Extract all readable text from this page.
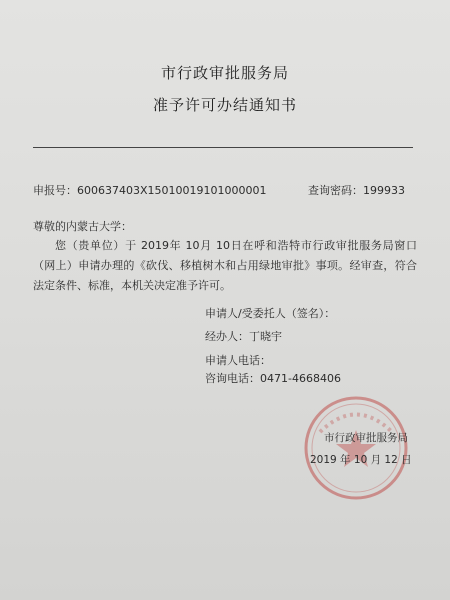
市行政审批服务局
准予许可办结通知书
申报号：600637403X15010019101000001	查询密码：199933
尊敬的内蒙古大学：
您（贵单位）于 2019年 10月 10日在呼和浩特市行政审批服务局窗口（网上）申请办理的《砍伐、移植树木和占用绿地审批》事项。经审查，符合法定条件、标准，本机关决定准予许可。
申请人/受委托人（签名）：
经办人：丁晓宇
申请人电话：
咨询电话：0471-4668406
市行政审批服务局
2019 年 10 月 12 日
